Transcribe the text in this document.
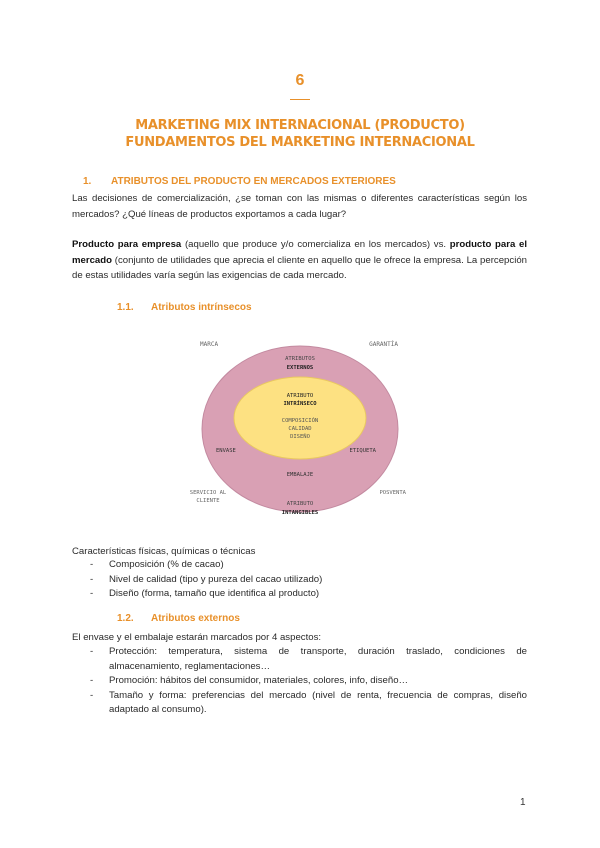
6
MARKETING MIX INTERNACIONAL (PRODUCTO)
FUNDAMENTOS DEL MARKETING INTERNACIONAL
1. ATRIBUTOS DEL PRODUCTO EN MERCADOS EXTERIORES
Las decisiones de comercialización, ¿se toman con las mismas o diferentes características según los mercados? ¿Qué líneas de productos exportamos a cada lugar?
Producto para empresa (aquello que produce y/o comercializa en los mercados) vs. producto para el mercado (conjunto de utilidades que aprecia el cliente en aquello que le ofrece la empresa. La percepción de estas utilidades varía según las exigencias de cada mercado.
1.1. Atributos intrínsecos
MARCA	GARANTÍA
ATRIBUTOS
EXTERNOS
ATRIBUTO
INTRÍNSECO
COMPOSICIÓN
CALIDAD
DISEÑO
ENVASE	ETIQUETA
EMBALAJE
SERVICIO AL
CLIENTE
POSVENTA
ATRIBUTO
INTANGIBLES
Características físicas, químicas o técnicas
- Composición (% de cacao)
- Nivel de calidad (tipo y pureza del cacao utilizado)
- Diseño (forma, tamaño que identifica al producto)
1.2. Atributos externos
El envase y el embalaje estarán marcados por 4 aspectos:
- Protección: temperatura, sistema de transporte, duración traslado, condiciones de almacenamiento, reglamentaciones…
- Promoción: hábitos del consumidor, materiales, colores, info, diseño…
- Tamaño y forma: preferencias del mercado (nivel de renta, frecuencia de compras, diseño adaptado al consumo).
1
